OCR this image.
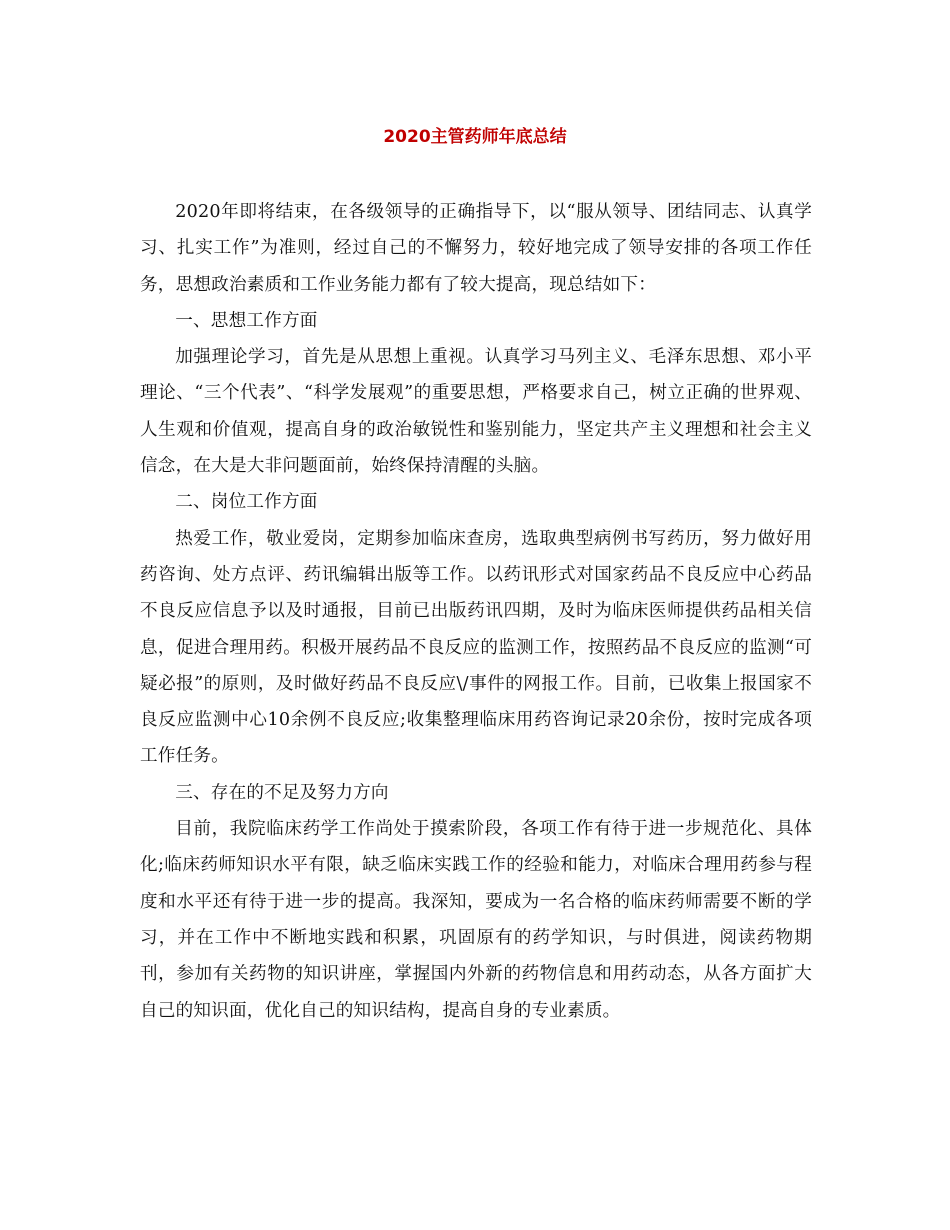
2020主管药师年底总结

2020年即将结束，在各级领导的正确指导下，以“服从领导、团结同志、认真学习、扎实工作”为准则，经过自己的不懈努力，较好地完成了领导安排的各项工作任务，思想政治素质和工作业务能力都有了较大提高，现总结如下：

一、思想工作方面

加强理论学习，首先是从思想上重视。认真学习马列主义、毛泽东思想、邓小平理论、“三个代表”、“科学发展观”的重要思想，严格要求自己，树立正确的世界观、人生观和价值观，提高自身的政治敏锐性和鉴别能力，坚定共产主义理想和社会主义信念，在大是大非问题面前，始终保持清醒的头脑。

二、岗位工作方面

热爱工作，敬业爱岗，定期参加临床查房，选取典型病例书写药历，努力做好用药咨询、处方点评、药讯编辑出版等工作。以药讯形式对国家药品不良反应中心药品不良反应信息予以及时通报，目前已出版药讯四期，及时为临床医师提供药品相关信息，促进合理用药。积极开展药品不良反应的监测工作，按照药品不良反应的监测“可疑必报”的原则，及时做好药品不良反应\/事件的网报工作。目前，已收集上报国家不良反应监测中心10余例不良反应;收集整理临床用药咨询记录20余份，按时完成各项工作任务。

三、存在的不足及努力方向

目前，我院临床药学工作尚处于摸索阶段，各项工作有待于进一步规范化、具体化;临床药师知识水平有限，缺乏临床实践工作的经验和能力，对临床合理用药参与程度和水平还有待于进一步的提高。我深知，要成为一名合格的临床药师需要不断的学习，并在工作中不断地实践和积累，巩固原有的药学知识，与时俱进，阅读药物期刊，参加有关药物的知识讲座，掌握国内外新的药物信息和用药动态，从各方面扩大自己的知识面，优化自己的知识结构，提高自身的专业素质。
